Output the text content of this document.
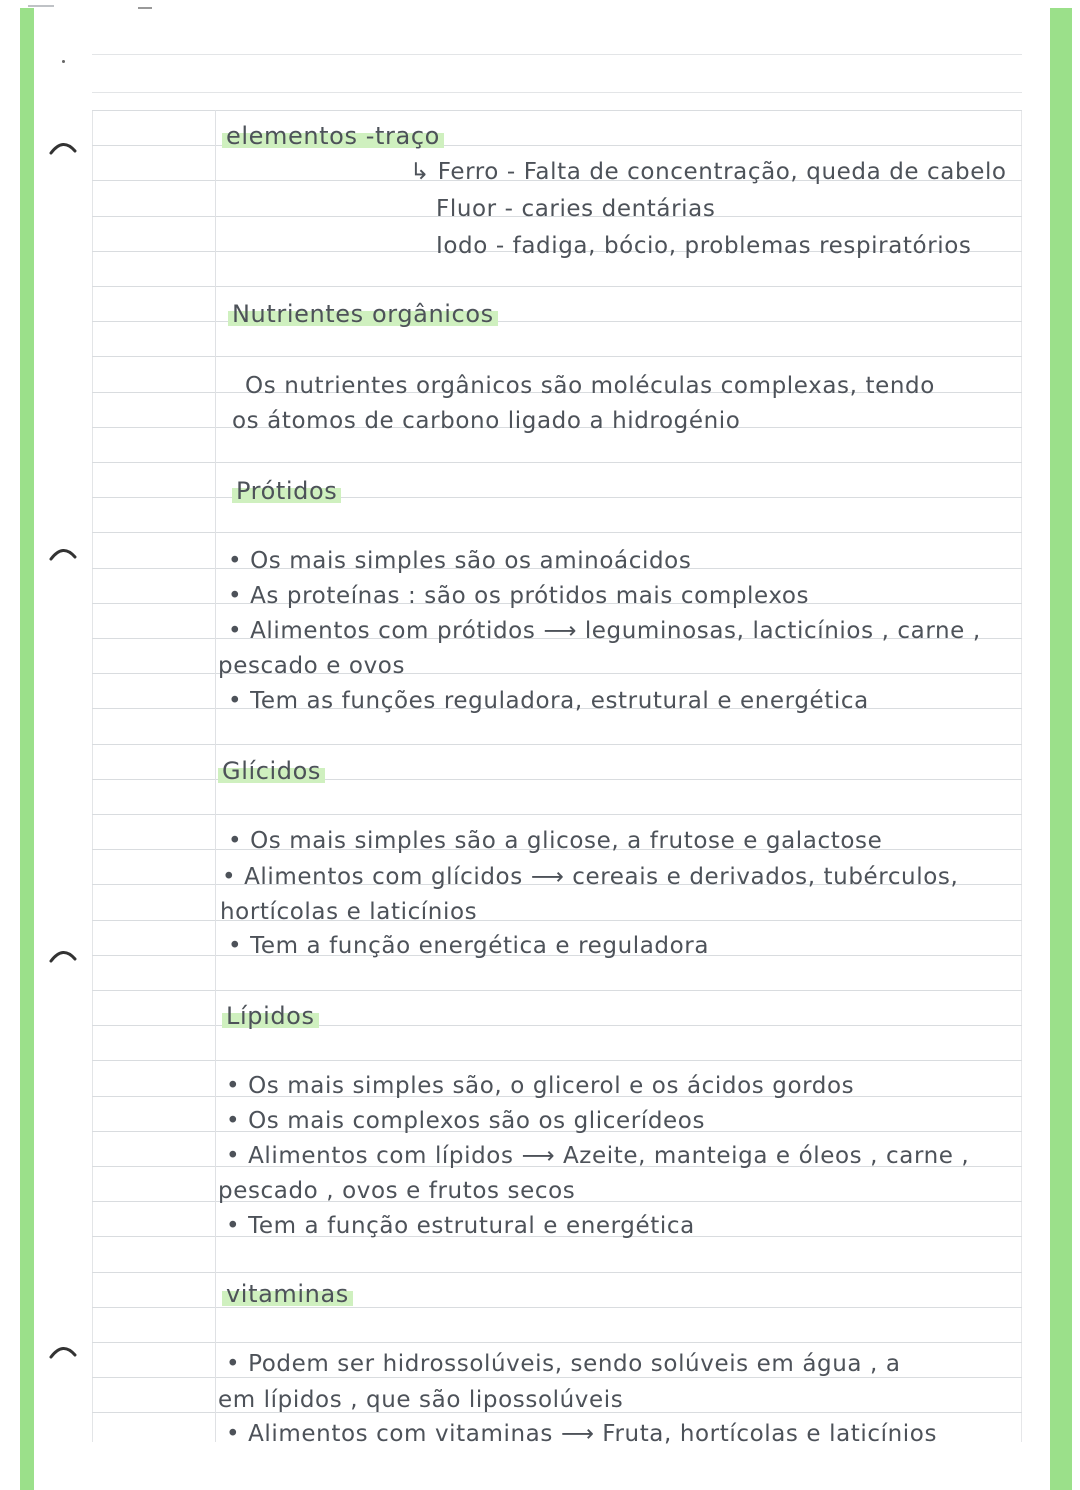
elementos -traço
↳ Ferro - Falta de concentração, queda de cabelo
Fluor - caries dentárias
Iodo - fadiga, bócio, problemas respiratórios
Nutrientes orgânicos
Os nutrientes orgânicos são moléculas complexas, tendo
os átomos de carbono ligado a hidrogénio
Prótidos
• Os mais simples são os aminoácidos
• As proteínas : são os prótidos mais complexos
• Alimentos com prótidos ⟶ leguminosas, lacticínios , carne ,
pescado e ovos
• Tem as funções reguladora, estrutural e energética
Glícidos
• Os mais simples são a glicose, a frutose e galactose
• Alimentos com glícidos ⟶ cereais e derivados, tubérculos,
hortícolas e laticínios
• Tem a função energética e reguladora
Lípidos
• Os mais simples são, o glicerol e os ácidos gordos
• Os mais complexos são os glicerídeos
• Alimentos com lípidos ⟶ Azeite, manteiga e óleos , carne ,
pescado , ovos e frutos secos
• Tem a função estrutural e energética
vitaminas
• Podem ser hidrossolúveis, sendo solúveis em água , a
em lípidos , que são lipossolúveis
• Alimentos com vitaminas ⟶ Fruta, hortícolas e laticínios
